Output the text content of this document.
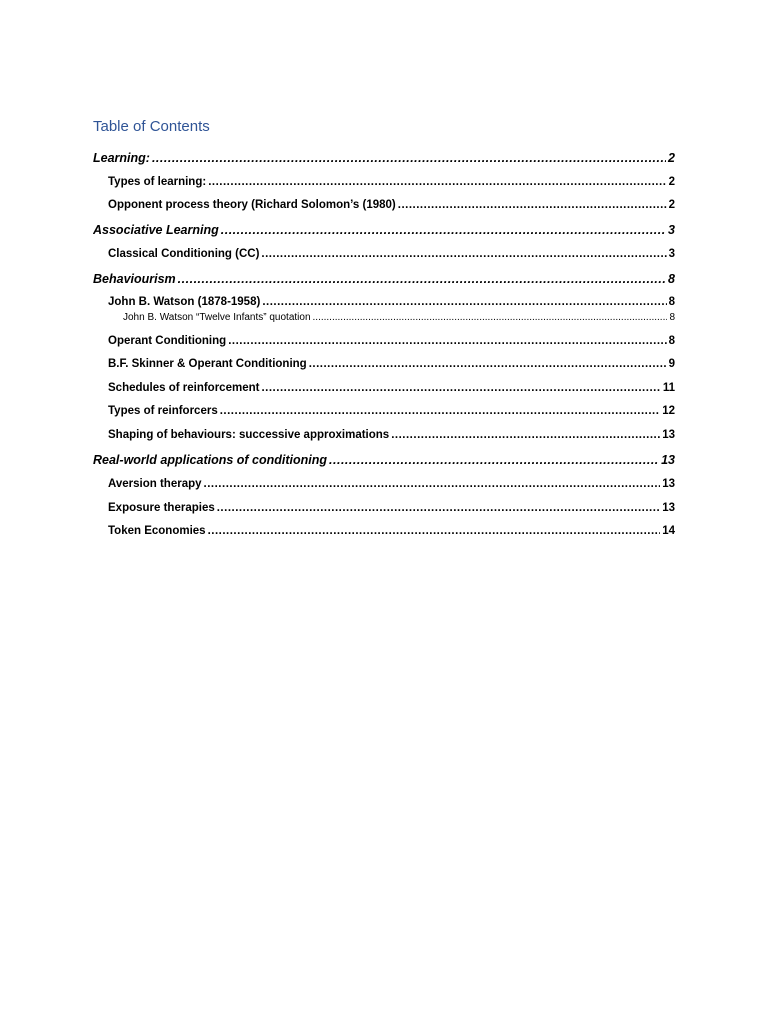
Table of Contents
Learning: .....	2
Types of learning: .....	2
Opponent process theory (Richard Solomon’s (1980) .....	2
Associative Learning .....	3
Classical Conditioning (CC) .....	3
Behaviourism .....	8
John B. Watson (1878-1958) .....	8
John B. Watson “Twelve Infants” quotation .....	8
Operant Conditioning .....	8
B.F. Skinner & Operant Conditioning .....	9
Schedules of reinforcement .....	11
Types of reinforcers .....	12
Shaping of behaviours: successive approximations .....	13
Real-world applications of conditioning .....	13
Aversion therapy .....	13
Exposure therapies .....	13
Token Economies .....	14
